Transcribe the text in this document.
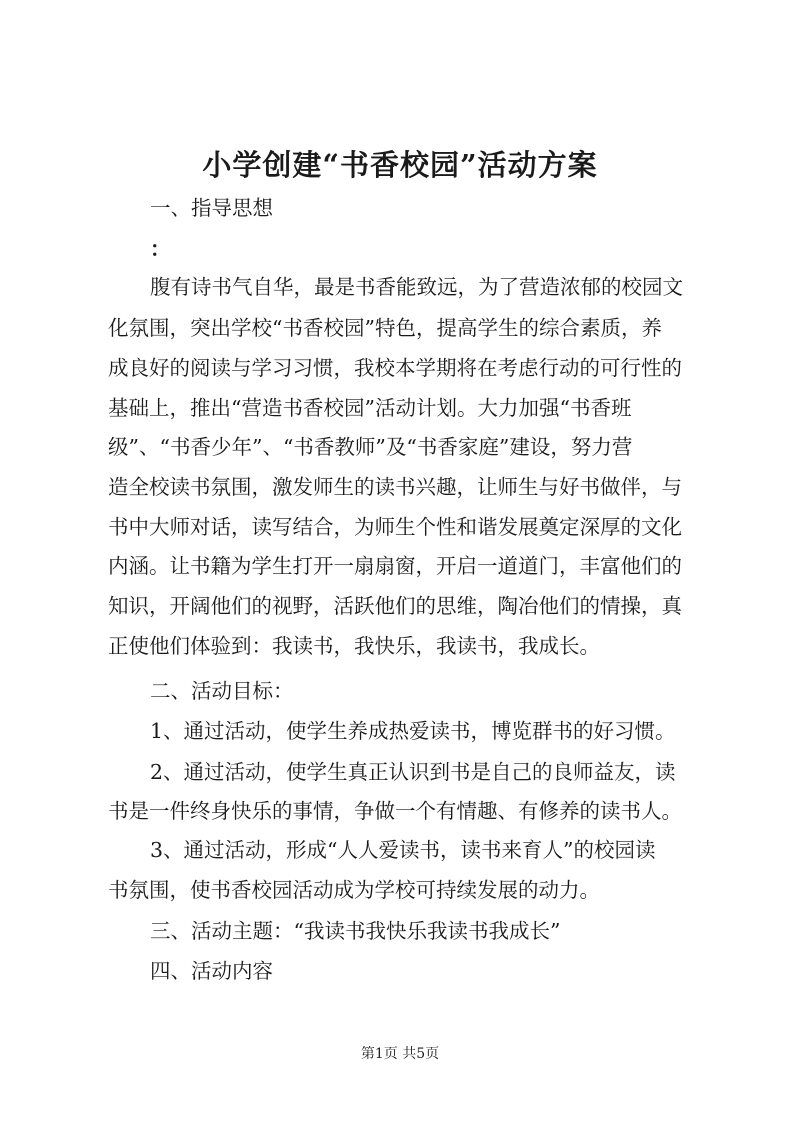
小学创建“书香校园”活动方案

一、指导思想

：

腹有诗书气自华，最是书香能致远，为了营造浓郁的校园文

化氛围，突出学校“书香校园”特色，提高学生的综合素质，养

成良好的阅读与学习习惯，我校本学期将在考虑行动的可行性的

基础上，推出“营造书香校园”活动计划。大力加强“书香班

级”、“书香少年”、“书香教师”及“书香家庭”建设，努力营

造全校读书氛围，激发师生的读书兴趣，让师生与好书做伴，与

书中大师对话，读写结合，为师生个性和谐发展奠定深厚的文化

内涵。让书籍为学生打开一扇扇窗，开启一道道门，丰富他们的

知识，开阔他们的视野，活跃他们的思维，陶冶他们的情操，真

正使他们体验到：我读书，我快乐，我读书，我成长。

二、活动目标：

1、通过活动，使学生养成热爱读书，博览群书的好习惯。

2、通过活动，使学生真正认识到书是自己的良师益友，读

书是一件终身快乐的事情，争做一个有情趣、有修养的读书人。

3、通过活动，形成“人人爱读书，读书来育人”的校园读

书氛围，使书香校园活动成为学校可持续发展的动力。

三、活动主题：“我读书我快乐我读书我成长”

四、活动内容

第1页 共5页
